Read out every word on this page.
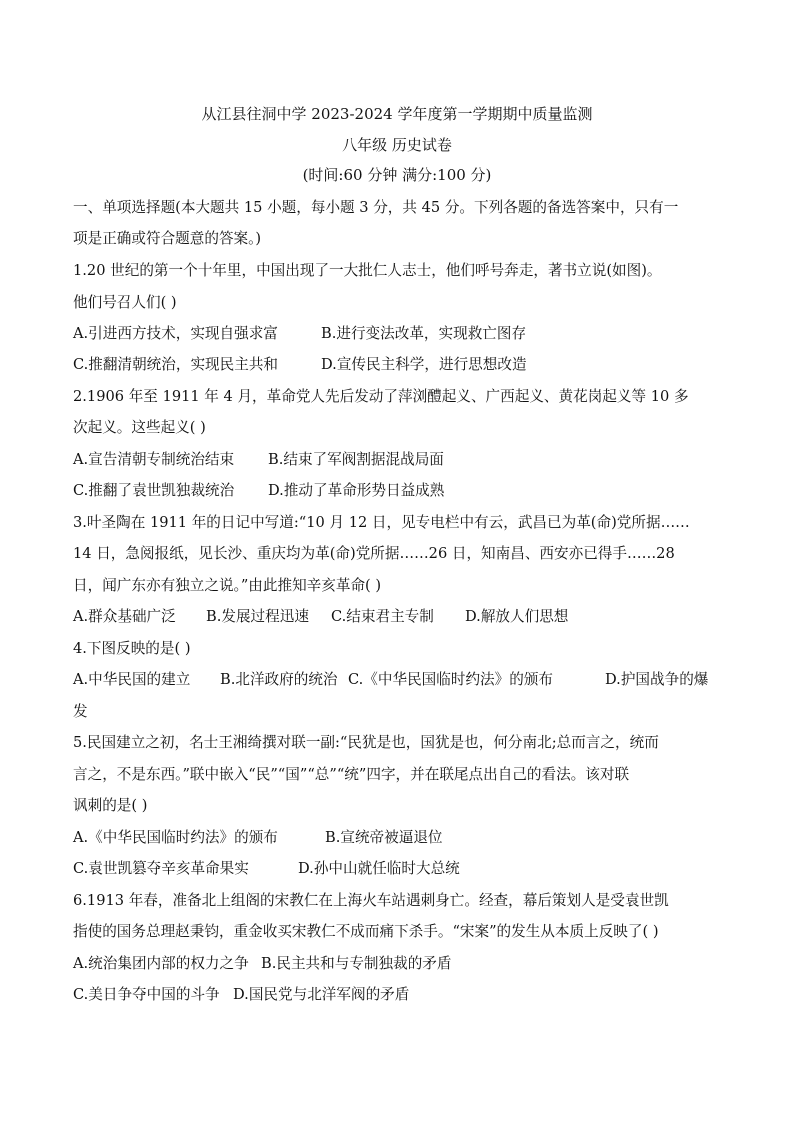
从江县往洞中学 2023-2024 学年度第一学期期中质量监测
八年级 历史试卷
(时间:60 分钟 满分:100 分)
一、单项选择题(本大题共 15 小题，每小题 3 分，共 45 分。下列各题的备选答案中，只有一
项是正确或符合题意的答案。)
1.20 世纪的第一个十年里，中国出现了一大批仁人志士，他们呼号奔走，著书立说(如图)。
他们号召人们( )
A.引进西方技术，实现自强求富	B.进行变法改革，实现救亡图存
C.推翻清朝统治，实现民主共和	D.宣传民主科学，进行思想改造
2.1906 年至 1911 年 4 月，革命党人先后发动了萍浏醴起义、广西起义、黄花岗起义等 10 多
次起义。这些起义( )
A.宣告清朝专制统治结束 B.结束了军阀割据混战局面
C.推翻了袁世凯独裁统治 D.推动了革命形势日益成熟
3.叶圣陶在 1911 年的日记中写道:“10 月 12 日，见专电栏中有云，武昌已为革(命)党所据……
14 日，急阅报纸，见长沙、重庆均为革(命)党所据……26 日，知南昌、西安亦已得手……28
日，闻广东亦有独立之说。”由此推知辛亥革命( )
A.群众基础广泛 B.发展过程迅速 C.结束君主专制 D.解放人们思想
4.下图反映的是( )
A.中华民国的建立 B.北洋政府的统治 C.《中华民国临时约法》的颁布	D.护国战争的爆
发
5.民国建立之初，名士王湘绮撰对联一副:“民犹是也，国犹是也，何分南北;总而言之，统而
言之，不是东西。”联中嵌入“民”“国”“总”“统”四字，并在联尾点出自己的看法。该对联
讽刺的是( )
A.《中华民国临时约法》的颁布	B.宣统帝被逼退位
C.袁世凯篡夺辛亥革命果实	D.孙中山就任临时大总统
6.1913 年春，准备北上组阁的宋教仁在上海火车站遇刺身亡。经查，幕后策划人是受袁世凯
指使的国务总理赵秉钧，重金收买宋教仁不成而痛下杀手。“宋案”的发生从本质上反映了( )
A.统治集团内部的权力之争 B.民主共和与专制独裁的矛盾
C.美日争夺中国的斗争 D.国民党与北洋军阀的矛盾
